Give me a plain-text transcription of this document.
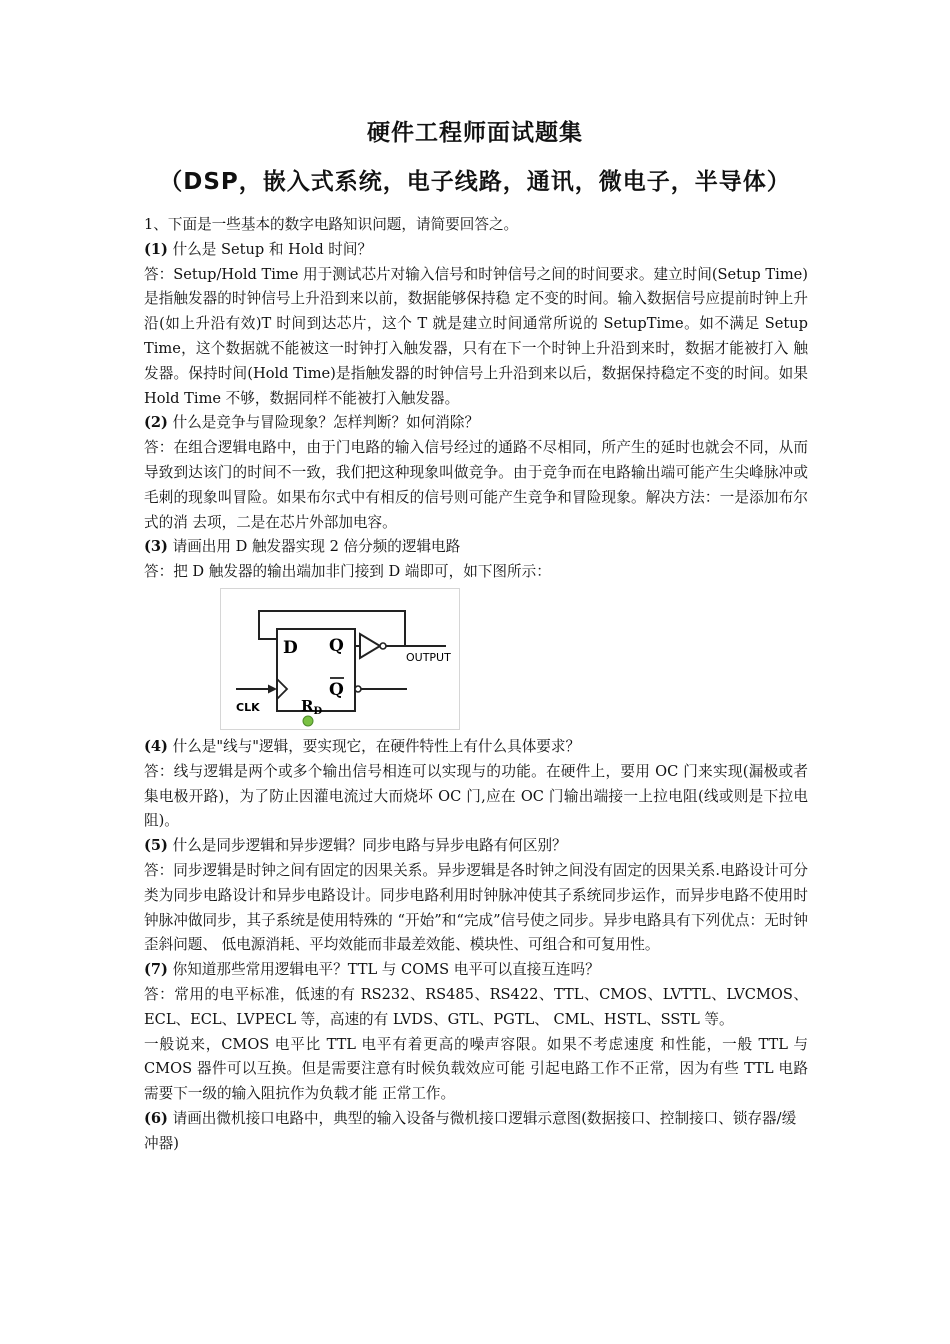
硬件工程师面试题集
（DSP，嵌入式系统，电子线路，通讯，微电子，半导体）

1、下面是一些基本的数字电路知识问题，请简要回答之。

(1) 什么是 Setup 和 Hold 时间？

答：Setup/Hold Time 用于测试芯片对输入信号和时钟信号之间的时间要求。建立时间(Setup Time)是指触发器的时钟信号上升沿到来以前，数据能够保持稳 定不变的时间。输入数据信号应提前时钟上升沿(如上升沿有效)T 时间到达芯片，这个 T 就是建立时间通常所说的 SetupTime。如不满足 Setup Time，这个数据就不能被这一时钟打入触发器，只有在下一个时钟上升沿到来时，数据才能被打入 触发器。保持时间(Hold Time)是指触发器的时钟信号上升沿到来以后，数据保持稳定不变的时间。如果 Hold Time 不够，数据同样不能被打入触发器。

(2) 什么是竞争与冒险现象？怎样判断？如何消除？

答：在组合逻辑电路中，由于门电路的输入信号经过的通路不尽相同，所产生的延时也就会不同，从而导致到达该门的时间不一致，我们把这种现象叫做竞争。由于竞争而在电路输出端可能产生尖峰脉冲或毛刺的现象叫冒险。如果布尔式中有相反的信号则可能产生竞争和冒险现象。解决方法：一是添加布尔式的消 去项，二是在芯片外部加电容。

(3) 请画出用 D 触发器实现 2 倍分频的逻辑电路

答：把 D 触发器的输出端加非门接到 D 端即可，如下图所示：

D Q
Q
$R_D$
OUTPUT
CLK

(4) 什么是"线与"逻辑，要实现它，在硬件特性上有什么具体要求？

答：线与逻辑是两个或多个输出信号相连可以实现与的功能。在硬件上，要用 OC 门来实现(漏极或者集电极开路)，为了防止因灌电流过大而烧坏 OC 门,应在 OC 门输出端接一上拉电阻(线或则是下拉电阻)。

(5) 什么是同步逻辑和异步逻辑？同步电路与异步电路有何区别？

答：同步逻辑是时钟之间有固定的因果关系。异步逻辑是各时钟之间没有固定的因果关系.电路设计可分类为同步电路设计和异步电路设计。同步电路利用时钟脉冲使其子系统同步运作，而异步电路不使用时钟脉冲做同步，其子系统是使用特殊的 “开始”和“完成”信号使之同步。异步电路具有下列优点：无时钟歪斜问题、 低电源消耗、平均效能而非最差效能、模块性、可组合和可复用性。

(7) 你知道那些常用逻辑电平？TTL 与 COMS 电平可以直接互连吗？

答：常用的电平标准，低速的有 RS232、RS485、RS422、TTL、CMOS、LVTTL、LVCMOS、ECL、ECL、LVPECL 等，高速的有 LVDS、GTL、PGTL、 CML、HSTL、SSTL 等。

一般说来，CMOS 电平比 TTL 电平有着更高的噪声容限。如果不考虑速度 和性能，一般 TTL 与 CMOS 器件可以互换。但是需要注意有时候负载效应可能 引起电路工作不正常，因为有些 TTL 电路需要下一级的输入阻抗作为负载才能 正常工作。

(6) 请画出微机接口电路中，典型的输入设备与微机接口逻辑示意图(数据接口、控制接口、锁存器/缓冲器)
